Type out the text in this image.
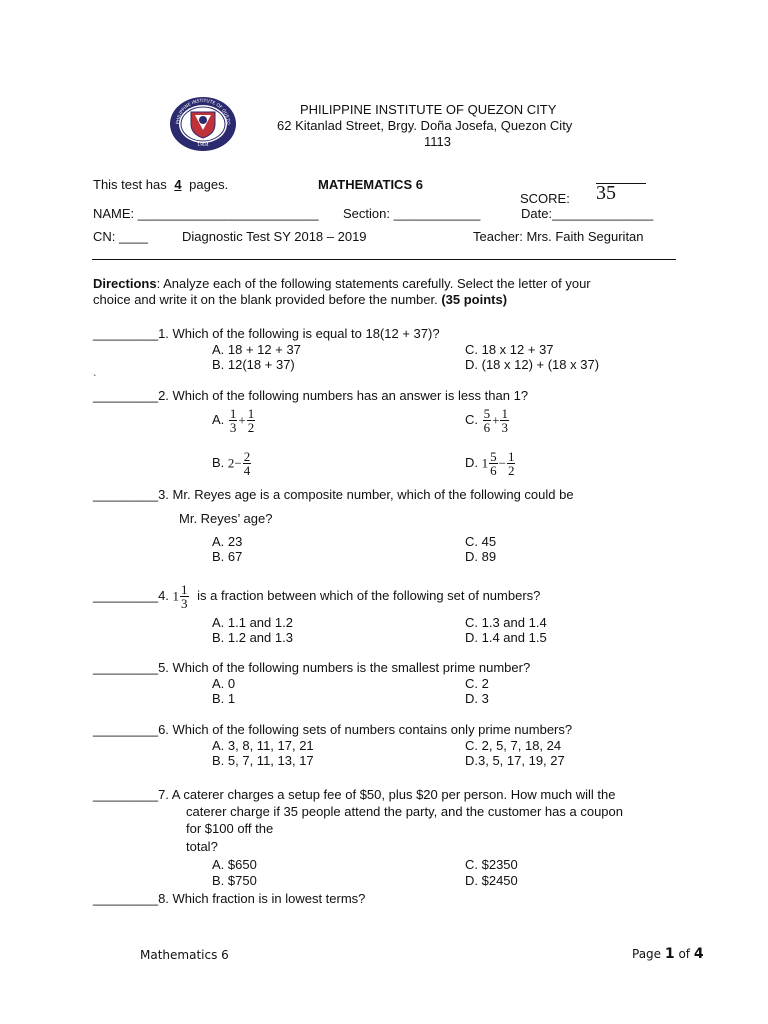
PHILIPPINE INSTITUTE OF QUEZO
1904
PHILIPPINE INSTITUTE OF QUEZON CITY
62 Kitanlad Street, Brgy. Doña Josefa, Quezon City
1113
This test has 4 pages.	MATHEMATICS 6
SCORE: 35
NAME: _________________________ Section: ____________	Date:______________
CN: ____	Diagnostic Test SY 2018 – 2019	Teacher: Mrs. Faith Seguritan
Directions: Analyze each of the following statements carefully. Select the letter of your
choice and write it on the blank provided before the number. (35 points)
_________1. Which of the following is equal to 18(12 + 37)?
A. 18 + 12 + 37	C. 18 x 12 + 37
B. 12(18 + 37)	D. (18 x 12) + (18 x 37)
`
_________2. Which of the following numbers has an answer is less than 1?
A. $\frac{1}{3} + \frac{1}{2}$	C. $\frac{5}{6} + \frac{1}{3}$
B. $2- \frac{2}{4}$	D. $1 \frac{5}{6} - \frac{1}{2}$
_________3. Mr. Reyes age is a composite number, which of the following could be
Mr. Reyes’ age?
A. 23	C. 45
B. 67	D. 89
_________4. $1 \frac{1}{3}$ is a fraction between which of the following set of numbers?
A. 1.1 and 1.2	C. 1.3 and 1.4
B. 1.2 and 1.3	D. 1.4 and 1.5
_________5. Which of the following numbers is the smallest prime number?
A. 0	C. 2
B. 1	D. 3
_________6. Which of the following sets of numbers contains only prime numbers?
A. 3, 8, 11, 17, 21	C. 2, 5, 7, 18, 24
B. 5, 7, 11, 13, 17	D.3, 5, 17, 19, 27
_________7. A caterer charges a setup fee of $50, plus $20 per person. How much will the
caterer charge if 35 people attend the party, and the customer has a coupon
for $100 off the
total?
A. $650	C. $2350
B. $750	D. $2450
_________8. Which fraction is in lowest terms?
Mathematics 6	Page 1 of 4
